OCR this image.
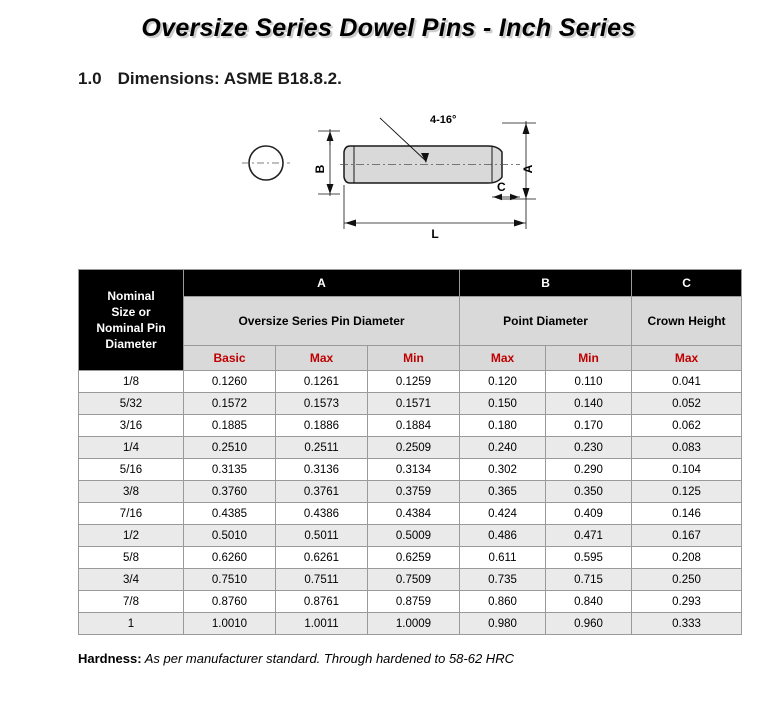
Oversize Series Dowel Pins - Inch Series
1.0 Dimensions: ASME B18.8.2.
B
4-16°
A
C
L
Nominal
Size or
Nominal Pin
Diameter	A			B		C
	Oversize Series Pin Diameter			Point Diameter		Crown Height
	Basic	Max	Min	Max	Min	Max
1/8	0.1260	0.1261	0.1259	0.120	0.110	0.041
5/32	0.1572	0.1573	0.1571	0.150	0.140	0.052
3/16	0.1885	0.1886	0.1884	0.180	0.170	0.062
1/4	0.2510	0.2511	0.2509	0.240	0.230	0.083
5/16	0.3135	0.3136	0.3134	0.302	0.290	0.104
3/8	0.3760	0.3761	0.3759	0.365	0.350	0.125
7/16	0.4385	0.4386	0.4384	0.424	0.409	0.146
1/2	0.5010	0.5011	0.5009	0.486	0.471	0.167
5/8	0.6260	0.6261	0.6259	0.611	0.595	0.208
3/4	0.7510	0.7511	0.7509	0.735	0.715	0.250
7/8	0.8760	0.8761	0.8759	0.860	0.840	0.293
1	1.0010	1.0011	1.0009	0.980	0.960	0.333
Hardness: As per manufacturer standard. Through hardened to 58-62 HRC
